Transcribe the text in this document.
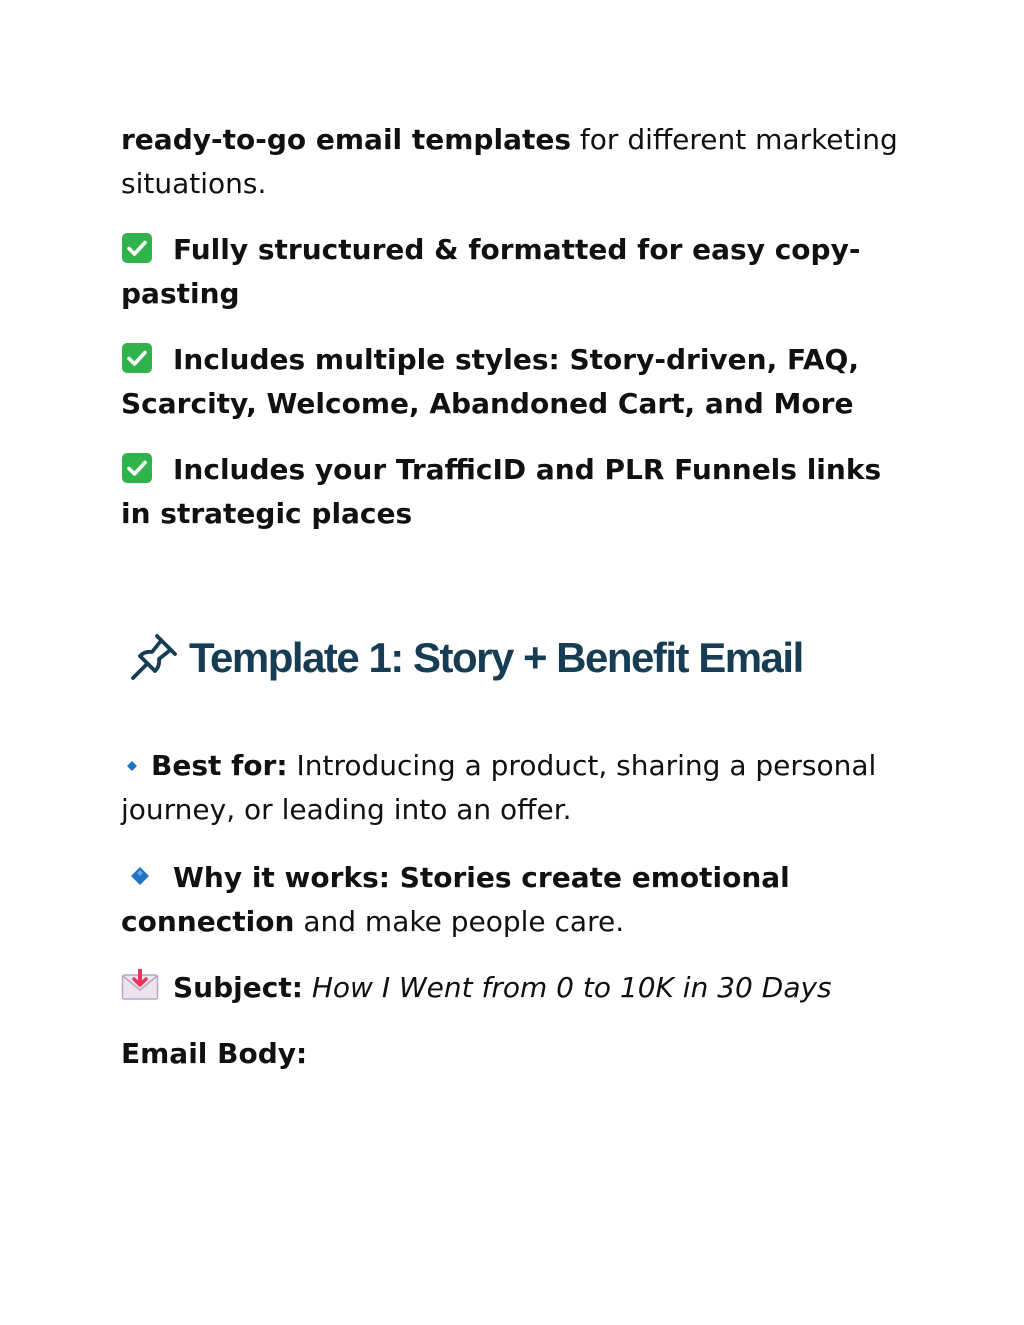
ready-to-go email templates for different marketing situations.

Fully structured & formatted for easy copy-pasting

Includes multiple styles: Story-driven, FAQ, Scarcity, Welcome, Abandoned Cart, and More

Includes your TrafficID and PLR Funnels links in strategic places

Template 1: Story + Benefit Email

Best for: Introducing a product, sharing a personal journey, or leading into an offer.

Why it works: Stories create emotional connection and make people care.

Subject: How I Went from 0 to 10K in 30 Days

Email Body:
